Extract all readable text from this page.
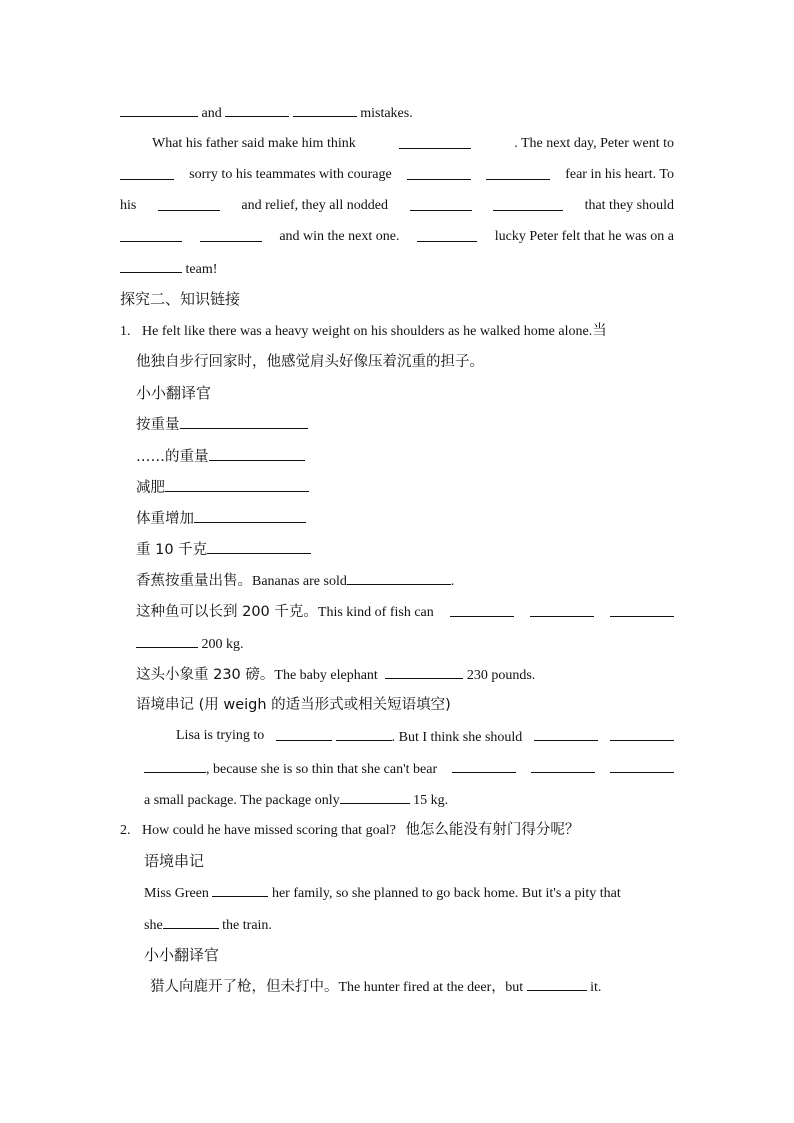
and	mistakes.
What his father said make him think	. The next day, Peter went to
sorry to his teammates with courage	fear in his heart. To
his	and relief, they all nodded	that they should
and win the next one.	lucky Peter felt that he was on a
team!
探究二、知识链接
1. He felt like there was a heavy weight on his shoulders as he walked home alone.当
他独自步行回家时，他感觉肩头好像压着沉重的担子。
小小翻译官
按重量
……的重量
减肥
体重增加
重 10 千克
香蕉按重量出售。Bananas are sold	.
这种鱼可以长到 200 千克。This kind of fish can
200 kg.
这头小象重 230 磅。The baby elephant	230 pounds.
语境串记 (用 weigh 的适当形式或相关短语填空)
Lisa is trying to	. But I think she should
, because she is so thin that she can't bear
a small package. The package only	15 kg.
2. How could he have missed scoring that goal? 他怎么能没有射门得分呢？
语境串记
Miss Green	her family, so she planned to go back home. But it's a pity that
she	the train.
小小翻译官
猎人向鹿开了枪，但未打中。The hunter fired at the deer，but	it.
